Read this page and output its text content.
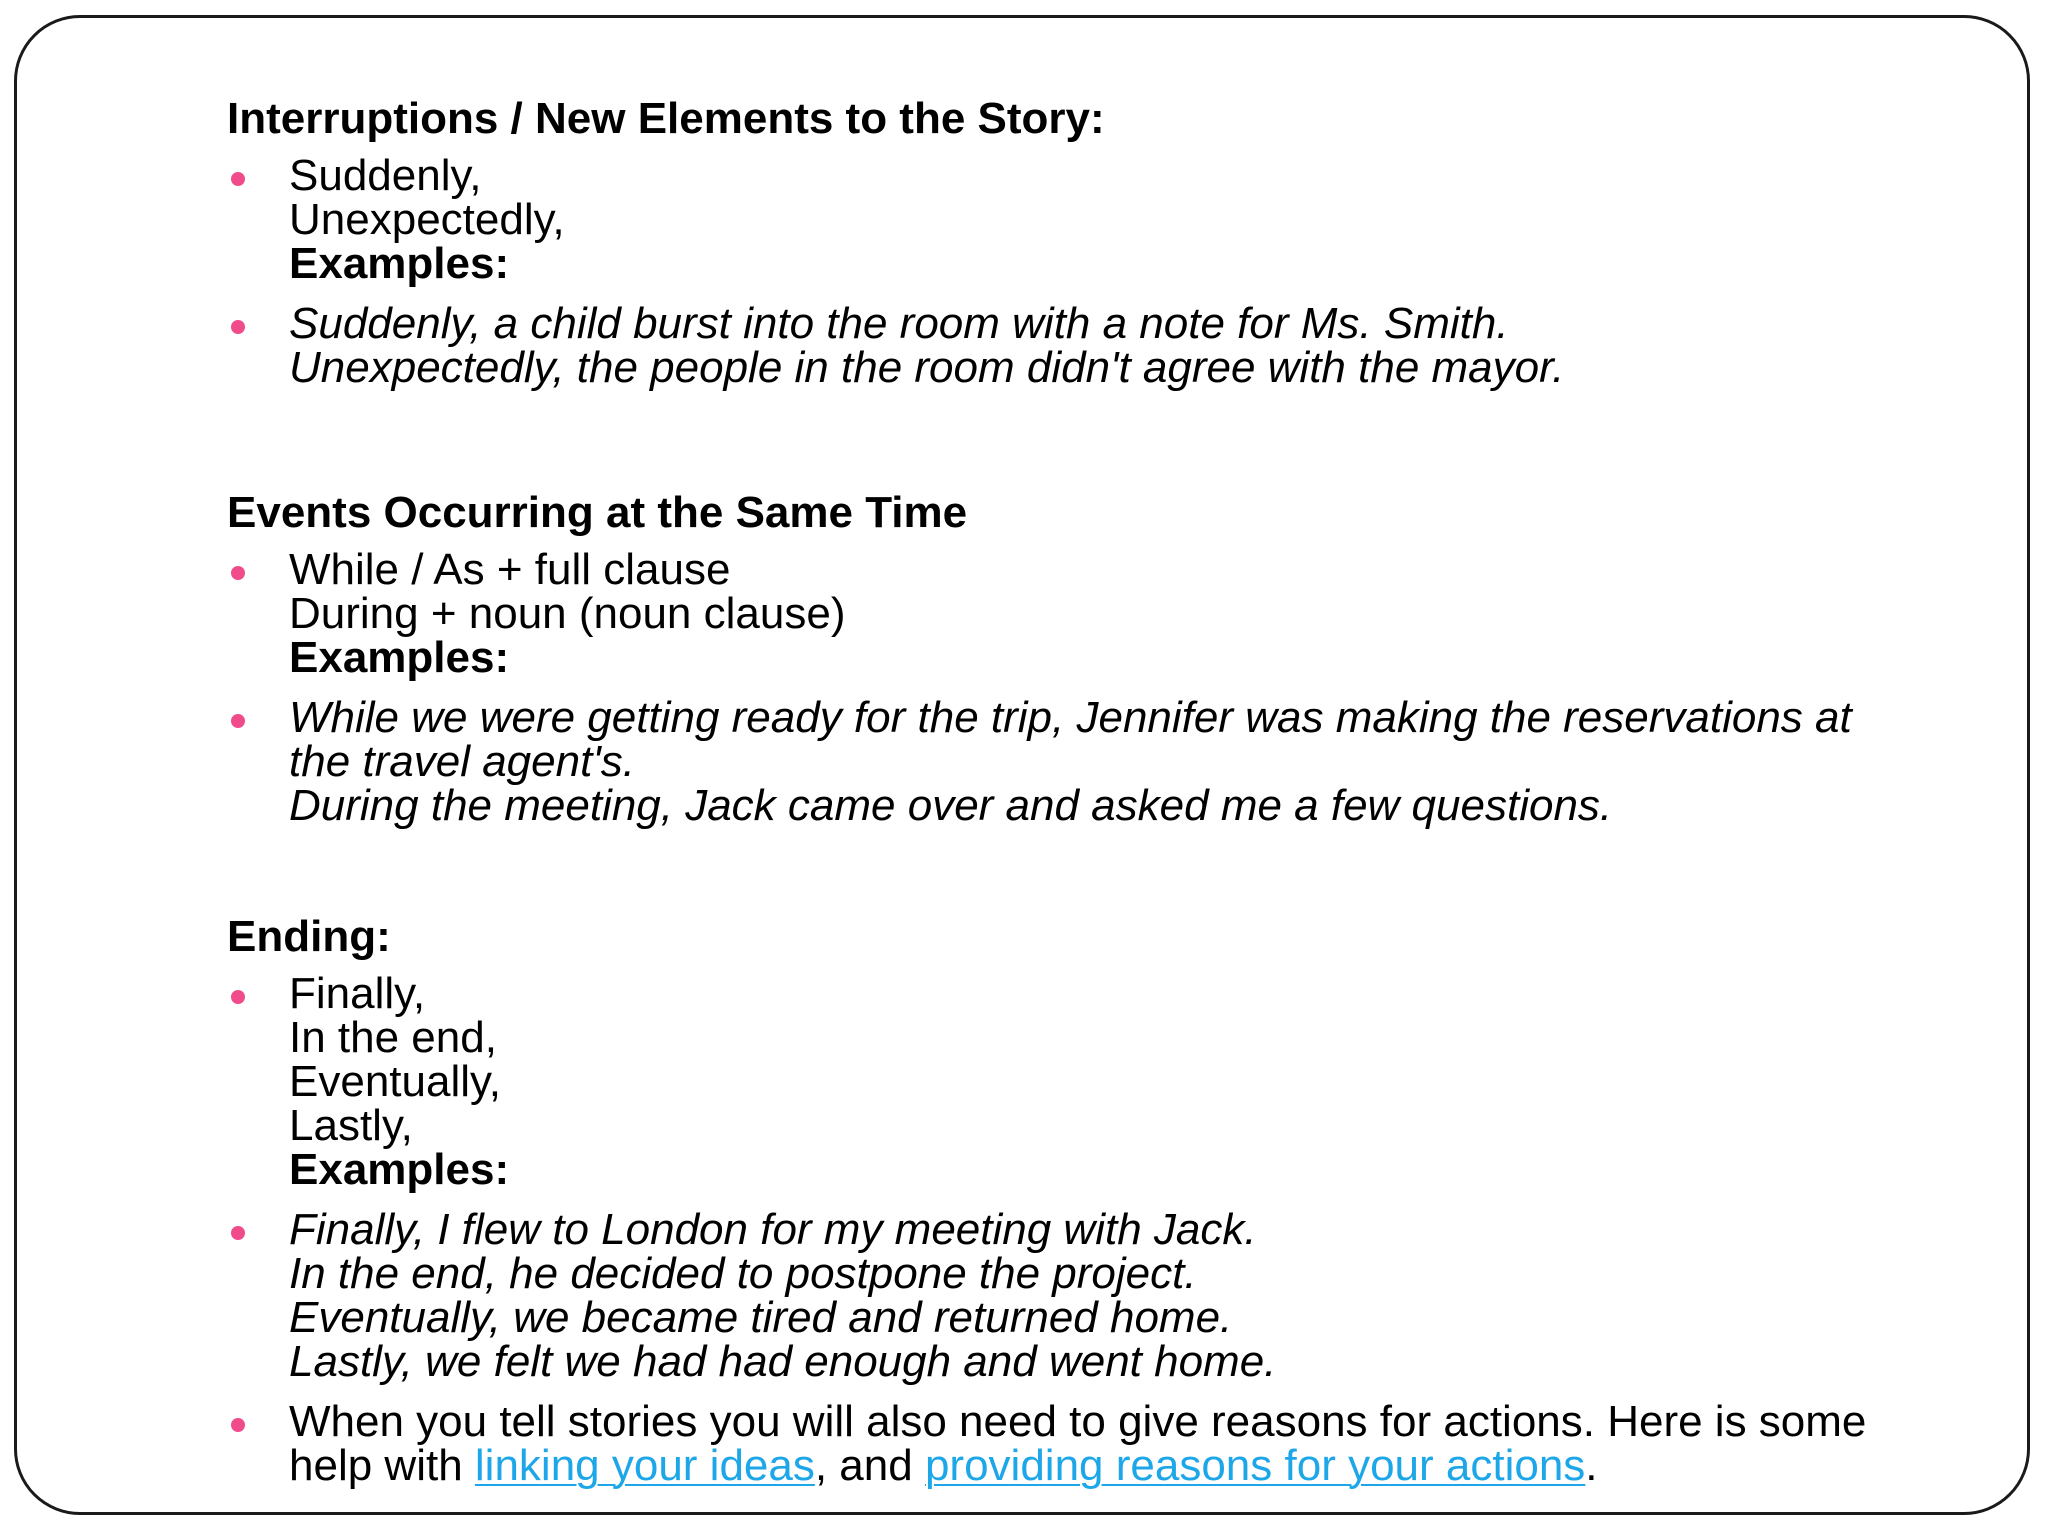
Interruptions / New Elements to the Story:
Suddenly,
Unexpectedly,
Examples:
Suddenly, a child burst into the room with a note for Ms. Smith.
Unexpectedly, the people in the room didn't agree with the mayor.
Events Occurring at the Same Time
While / As + full clause
During + noun (noun clause)
Examples:
While we were getting ready for the trip, Jennifer was making the reservations at
the travel agent's.
During the meeting, Jack came over and asked me a few questions.
Ending:
Finally,
In the end,
Eventually,
Lastly,
Examples:
Finally, I flew to London for my meeting with Jack.
In the end, he decided to postpone the project.
Eventually, we became tired and returned home.
Lastly, we felt we had had enough and went home.
When you tell stories you will also need to give reasons for actions. Here is some
help with linking your ideas, and providing reasons for your actions.
